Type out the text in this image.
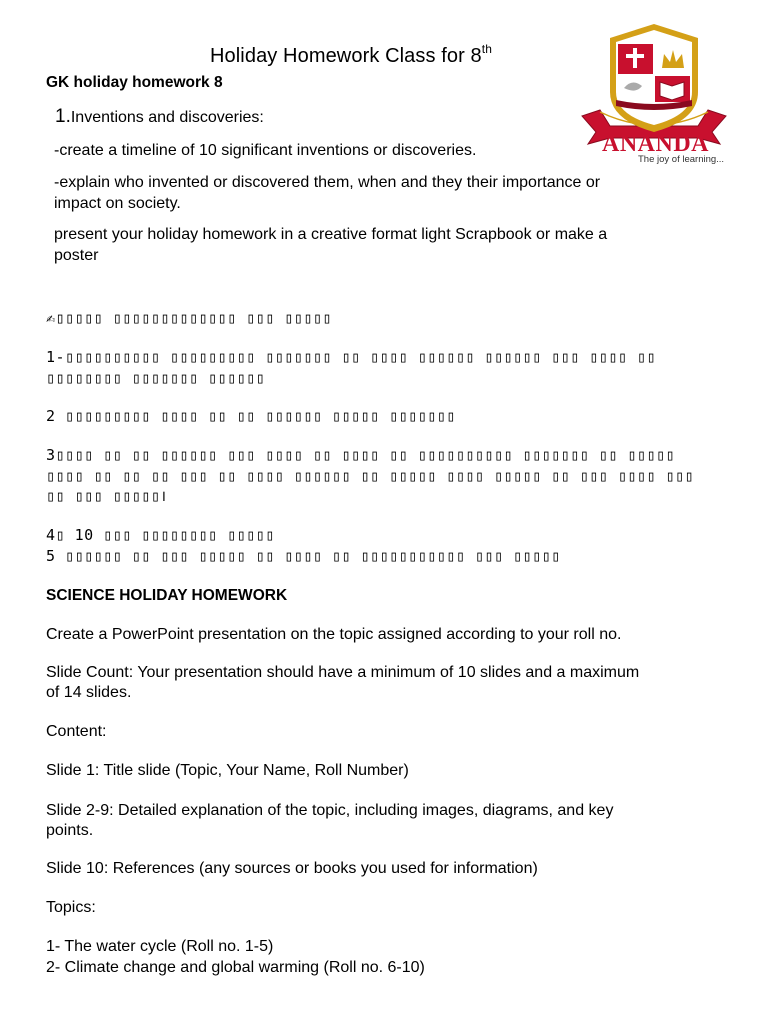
Holiday Homework Class for 8th
ANANDA
The joy of learning...
GK holiday homework 8
1.Inventions and discoveries:
-create a timeline of 10 significant inventions or discoveries.
-explain who invented or discovered them, when and they their importance or
impact on society.
present your holiday homework in a creative format light Scrapbook or make a
poster
✍▯▯▯▯▯ ▯▯▯▯▯▯▯▯▯▯▯▯▯ ▯▯▯ ▯▯▯▯▯
1-▯▯▯▯▯▯▯▯▯▯ ▯▯▯▯▯▯▯▯▯ ▯▯▯▯▯▯▯ ▯▯ ▯▯▯▯ ▯▯▯▯▯▯ ▯▯▯▯▯▯ ▯▯▯ ▯▯▯▯ ▯▯
▯▯▯▯▯▯▯▯ ▯▯▯▯▯▯▯ ▯▯▯▯▯▯
2 ▯▯▯▯▯▯▯▯▯ ▯▯▯▯ ▯▯ ▯▯ ▯▯▯▯▯▯ ▯▯▯▯▯ ▯▯▯▯▯▯▯
3▯▯▯▯ ▯▯ ▯▯ ▯▯▯▯▯▯ ▯▯▯ ▯▯▯▯ ▯▯ ▯▯▯▯ ▯▯ ▯▯▯▯▯▯▯▯▯▯ ▯▯▯▯▯▯▯ ▯▯ ▯▯▯▯▯
▯▯▯▯ ▯▯ ▯▯ ▯▯ ▯▯▯ ▯▯ ▯▯▯▯ ▯▯▯▯▯▯ ▯▯ ▯▯▯▯▯ ▯▯▯▯ ▯▯▯▯▯ ▯▯ ▯▯▯ ▯▯▯▯ ▯▯▯
▯▯ ▯▯▯ ▯▯▯▯▯।
4▯ 10 ▯▯▯ ▯▯▯▯▯▯▯▯ ▯▯▯▯▯
5 ▯▯▯▯▯▯ ▯▯ ▯▯▯ ▯▯▯▯▯ ▯▯ ▯▯▯▯ ▯▯ ▯▯▯▯▯▯▯▯▯▯▯ ▯▯▯ ▯▯▯▯▯
SCIENCE HOLIDAY HOMEWORK
Create a PowerPoint presentation on the topic assigned according to your roll no.
Slide Count: Your presentation should have a minimum of 10 slides and a maximum
of 14 slides.
Content:
Slide 1: Title slide (Topic, Your Name, Roll Number)
Slide 2-9: Detailed explanation of the topic, including images, diagrams, and key
points.
Slide 10: References (any sources or books you used for information)
Topics:
1- The water cycle (Roll no. 1-5)
2- Climate change and global warming (Roll no. 6-10)
